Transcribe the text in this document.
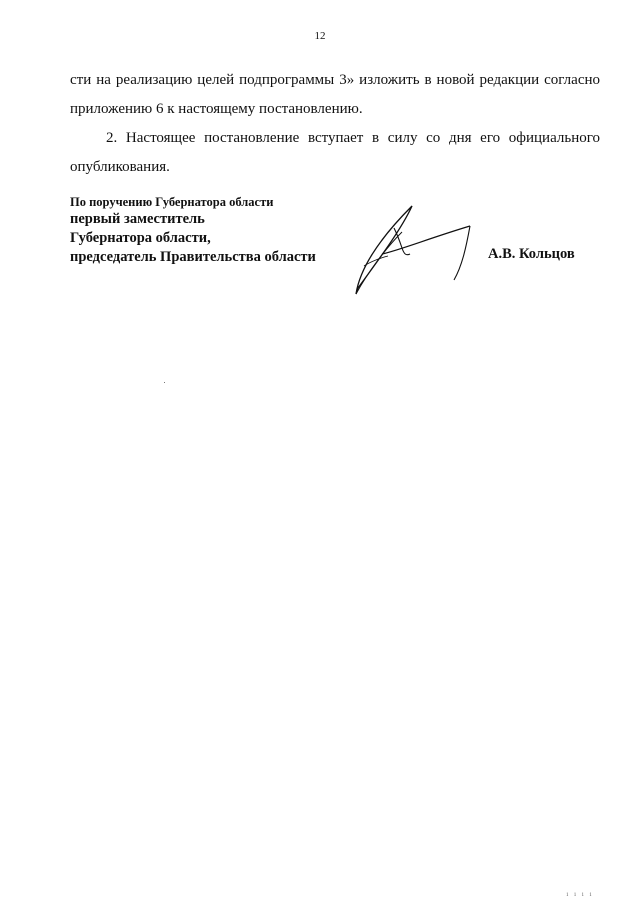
12

сти на реализацию целей подпрограммы 3» изложить в новой редакции согласно

приложению 6 к настоящему постановлению.

2. Настоящее постановление вступает в силу со дня его официального

опубликования.

По поручению Губернатора области
первый заместитель
Губернатора области,
председатель Правительства области	А.В. Кольцов
1 1 1 1
